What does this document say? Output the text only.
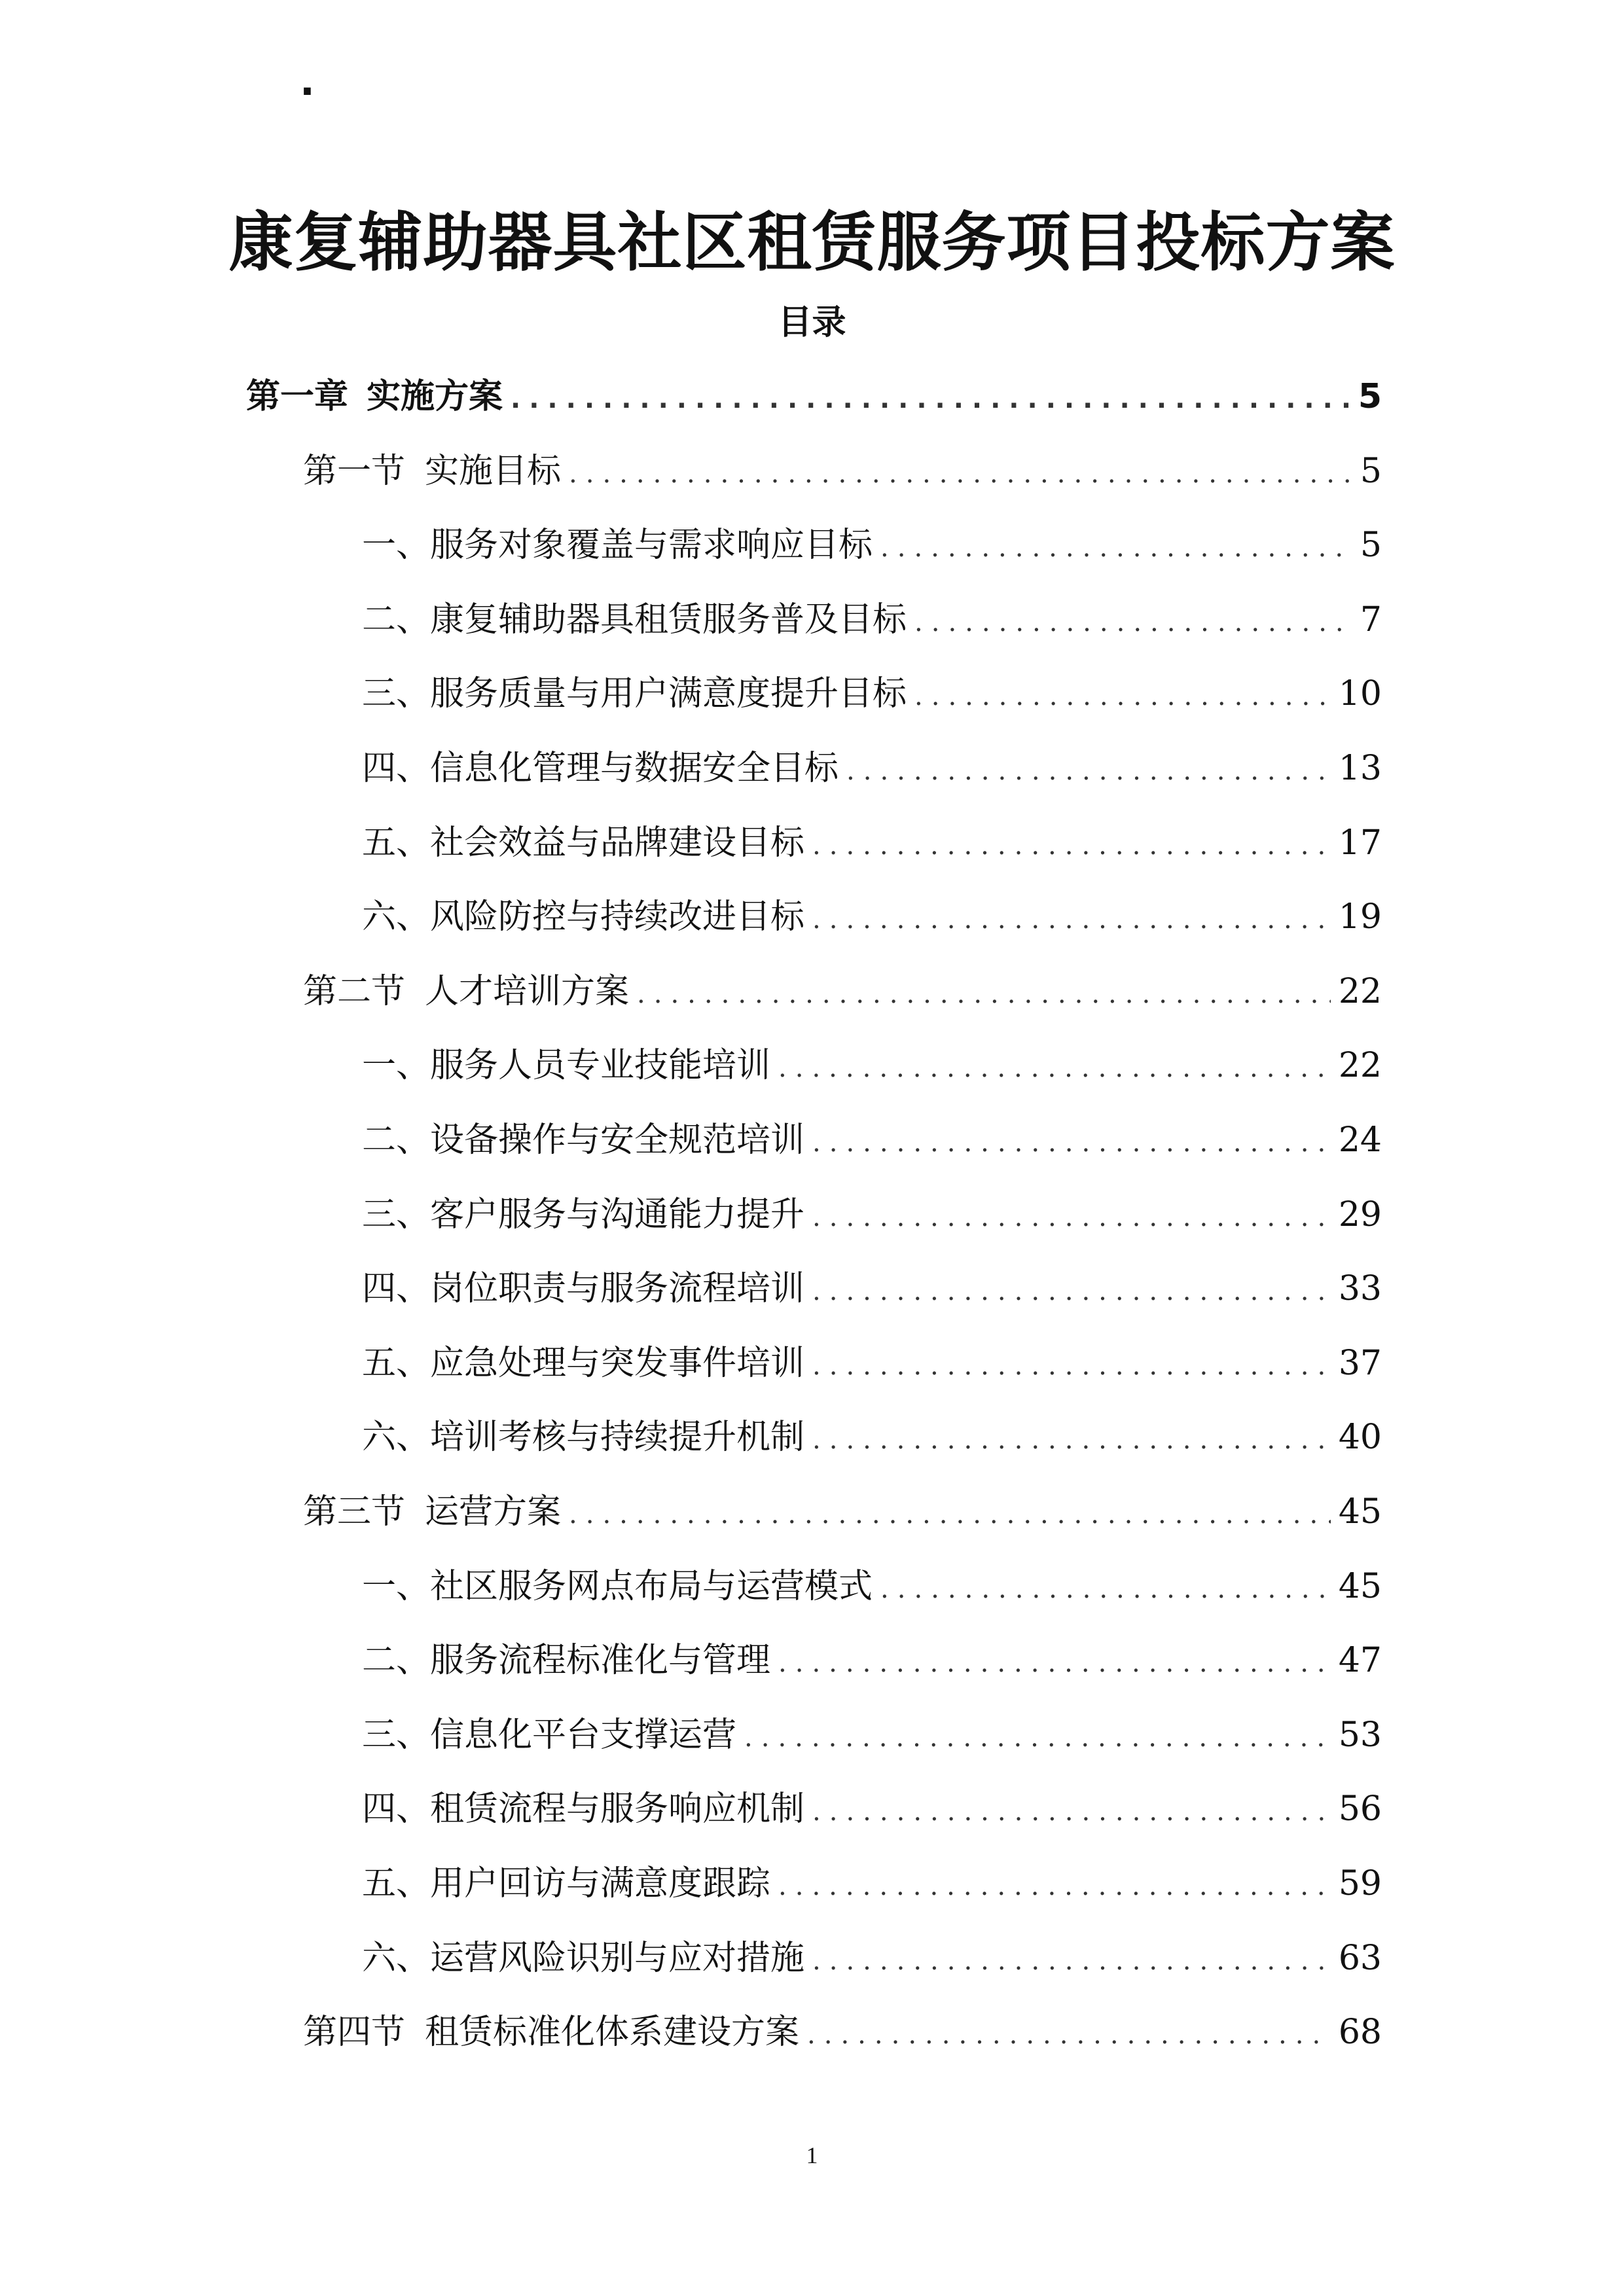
·
康复辅助器具社区租赁服务项目投标方案
目录
第一章 实施方案 .....	5
第一节 实施目标 .....	5
一、 服务对象覆盖与需求响应目标 .....	5
二、 康复辅助器具租赁服务普及目标 .....	7
三、 服务质量与用户满意度提升目标 .....	10
四、 信息化管理与数据安全目标 .....	13
五、 社会效益与品牌建设目标 .....	17
六、 风险防控与持续改进目标 .....	19
第二节 人才培训方案 .....	22
一、 服务人员专业技能培训 .....	22
二、 设备操作与安全规范培训 .....	24
三、 客户服务与沟通能力提升 .....	29
四、 岗位职责与服务流程培训 .....	33
五、 应急处理与突发事件培训 .....	37
六、 培训考核与持续提升机制 .....	40
第三节 运营方案 .....	45
一、 社区服务网点布局与运营模式 .....	45
二、 服务流程标准化与管理 .....	47
三、 信息化平台支撑运营 .....	53
四、 租赁流程与服务响应机制 .....	56
五、 用户回访与满意度跟踪 .....	59
六、 运营风险识别与应对措施 .....	63
第四节 租赁标准化体系建设方案 .....	68
1
